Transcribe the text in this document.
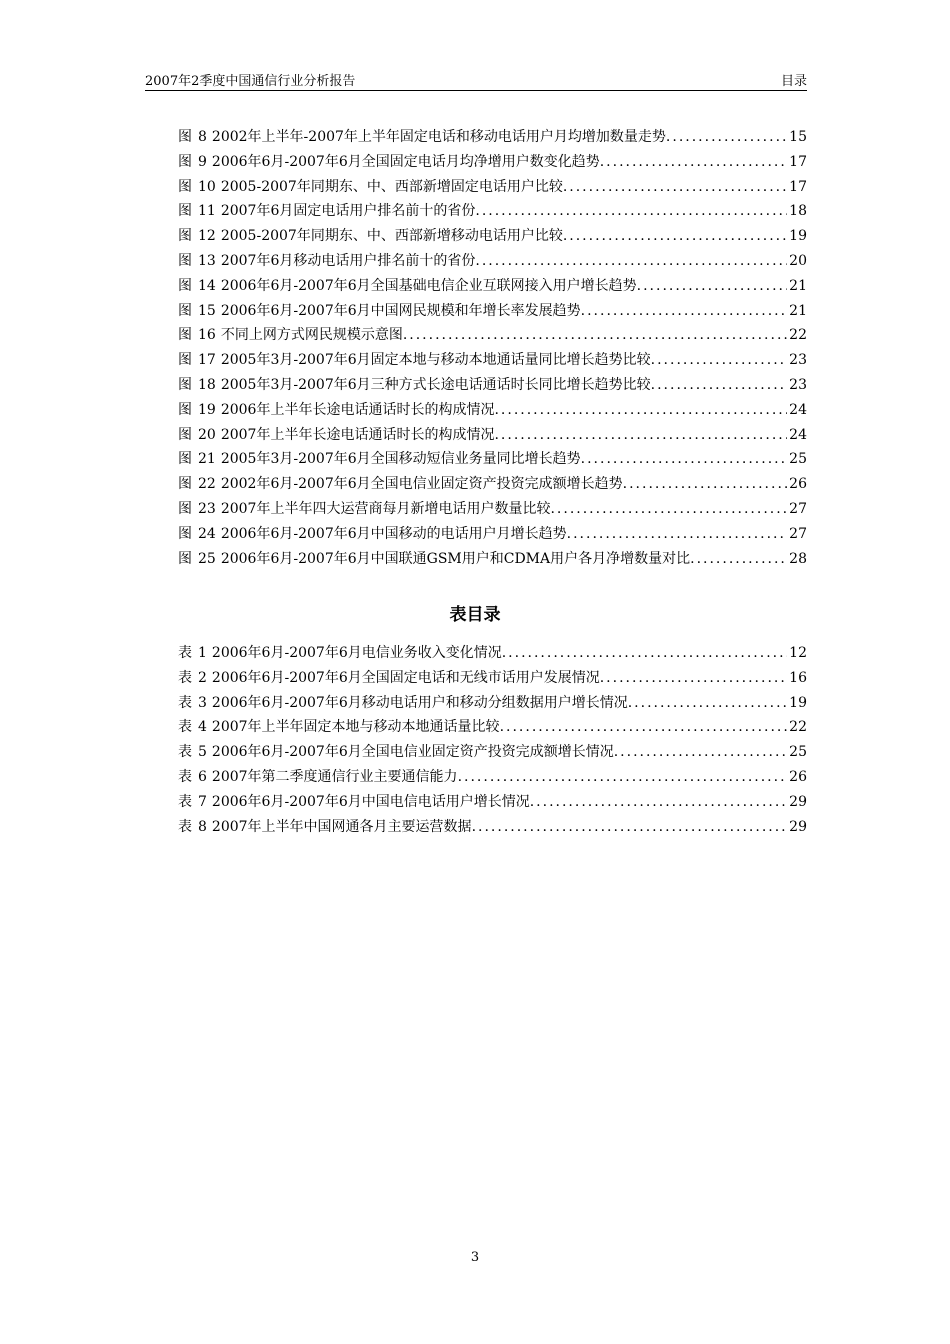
2007年2季度中国通信行业分析报告	目录
图 8 2002年上半年-2007年上半年固定电话和移动电话用户月均增加数量走势 .....	15
图 9 2006年6月-2007年6月全国固定电话月均净增用户数变化趋势 .....	17
图 10 2005-2007年同期东、中、西部新增固定电话用户比较 .....	17
图 11 2007年6月固定电话用户排名前十的省份 .....	18
图 12 2005-2007年同期东、中、西部新增移动电话用户比较 .....	19
图 13 2007年6月移动电话用户排名前十的省份 .....	20
图 14 2006年6月-2007年6月全国基础电信企业互联网接入用户增长趋势 .....	21
图 15 2006年6月-2007年6月中国网民规模和年增长率发展趋势 .....	21
图 16 不同上网方式网民规模示意图 .....	22
图 17 2005年3月-2007年6月固定本地与移动本地通话量同比增长趋势比较 .....	23
图 18 2005年3月-2007年6月三种方式长途电话通话时长同比增长趋势比较 .....	23
图 19 2006年上半年长途电话通话时长的构成情况 .....	24
图 20 2007年上半年长途电话通话时长的构成情况 .....	24
图 21 2005年3月-2007年6月全国移动短信业务量同比增长趋势 .....	25
图 22 2002年6月-2007年6月全国电信业固定资产投资完成额增长趋势 .....	26
图 23 2007年上半年四大运营商每月新增电话用户数量比较 .....	27
图 24 2006年6月-2007年6月中国移动的电话用户月增长趋势 .....	27
图 25 2006年6月-2007年6月中国联通GSM用户和CDMA用户各月净增数量对比 .....	28
表目录
表 1 2006年6月-2007年6月电信业务收入变化情况 .....	12
表 2 2006年6月-2007年6月全国固定电话和无线市话用户发展情况 .....	16
表 3 2006年6月-2007年6月移动电话用户和移动分组数据用户增长情况 .....	19
表 4 2007年上半年固定本地与移动本地通话量比较 .....	22
表 5 2006年6月-2007年6月全国电信业固定资产投资完成额增长情况 .....	25
表 6 2007年第二季度通信行业主要通信能力 .....	26
表 7 2006年6月-2007年6月中国电信电话用户增长情况 .....	29
表 8 2007年上半年中国网通各月主要运营数据 .....	29
3
